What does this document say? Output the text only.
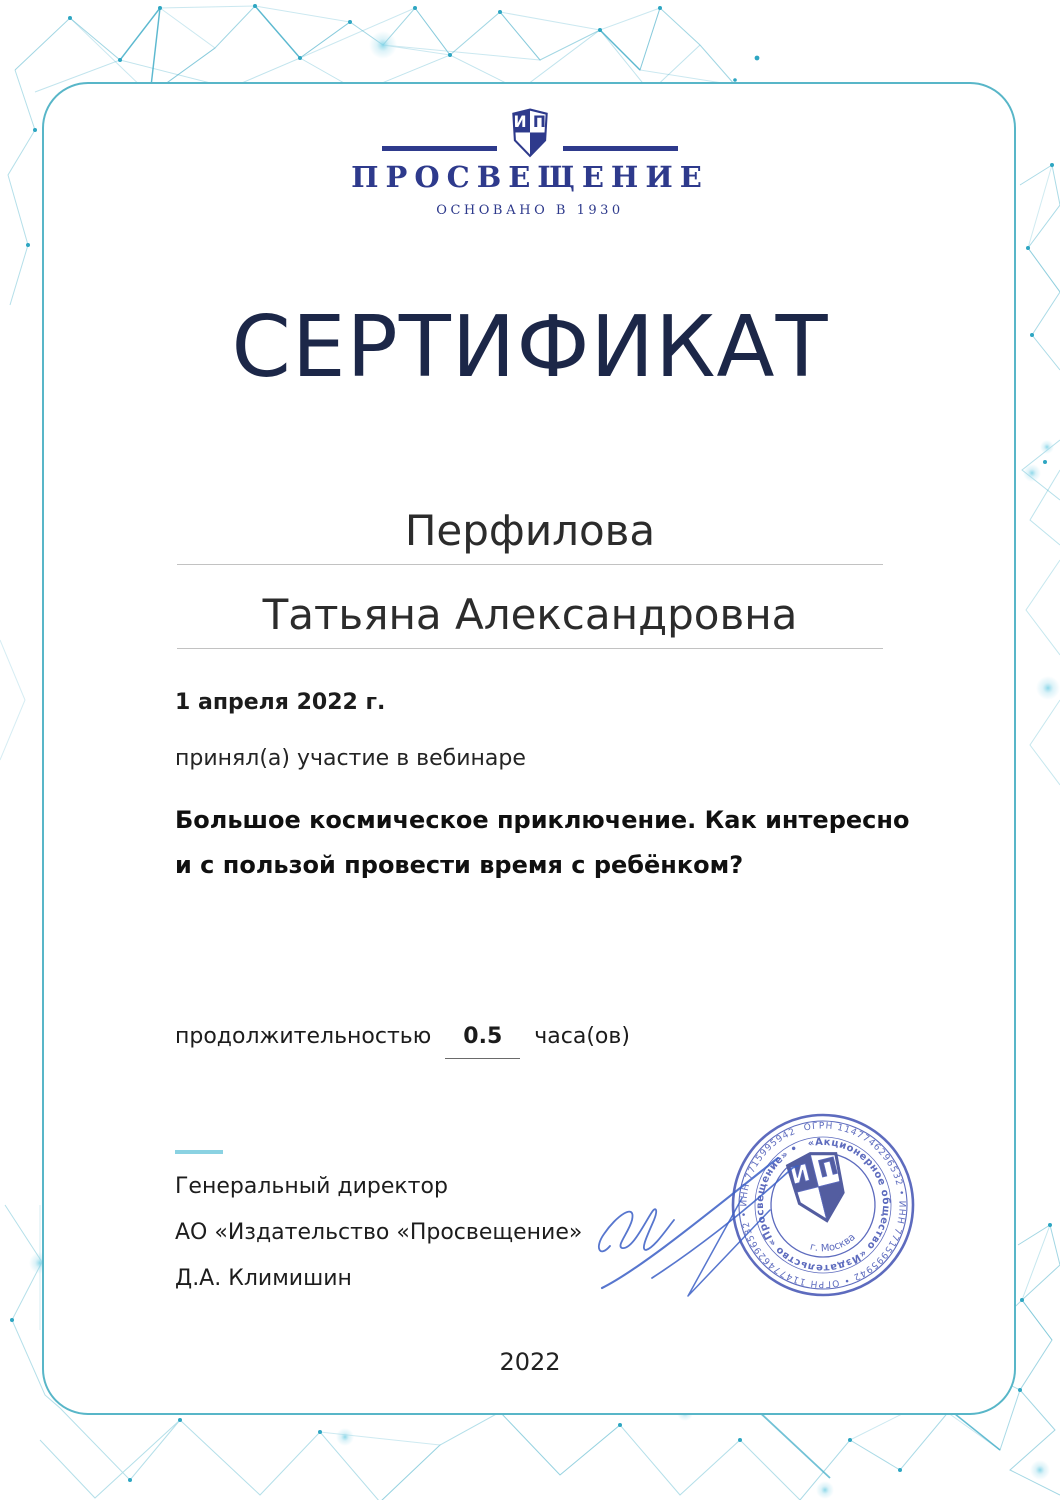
ПРОСВЕЩЕНИЕ
ОСНОВАНО В 1930
СЕРТИФИКАТ
Перфилова
Татьяна Александровна
1 апреля 2022 г.
принял(а) участие в вебинаре
Большое космическое приключение. Как интересно
и с пользой провести время с ребёнком?
продолжительностью 0.5 часа(ов)

Генеральный директор

АО «Издательство «Просвещение»

Д.А. Климишин

ОГРН 1147746296532 • ИНН 7715995942 • ОГРН 1147746296532 • ИНН 7715995942
«Акционерное общество «Издательство «Просвещение» •
г. Москва
2022
